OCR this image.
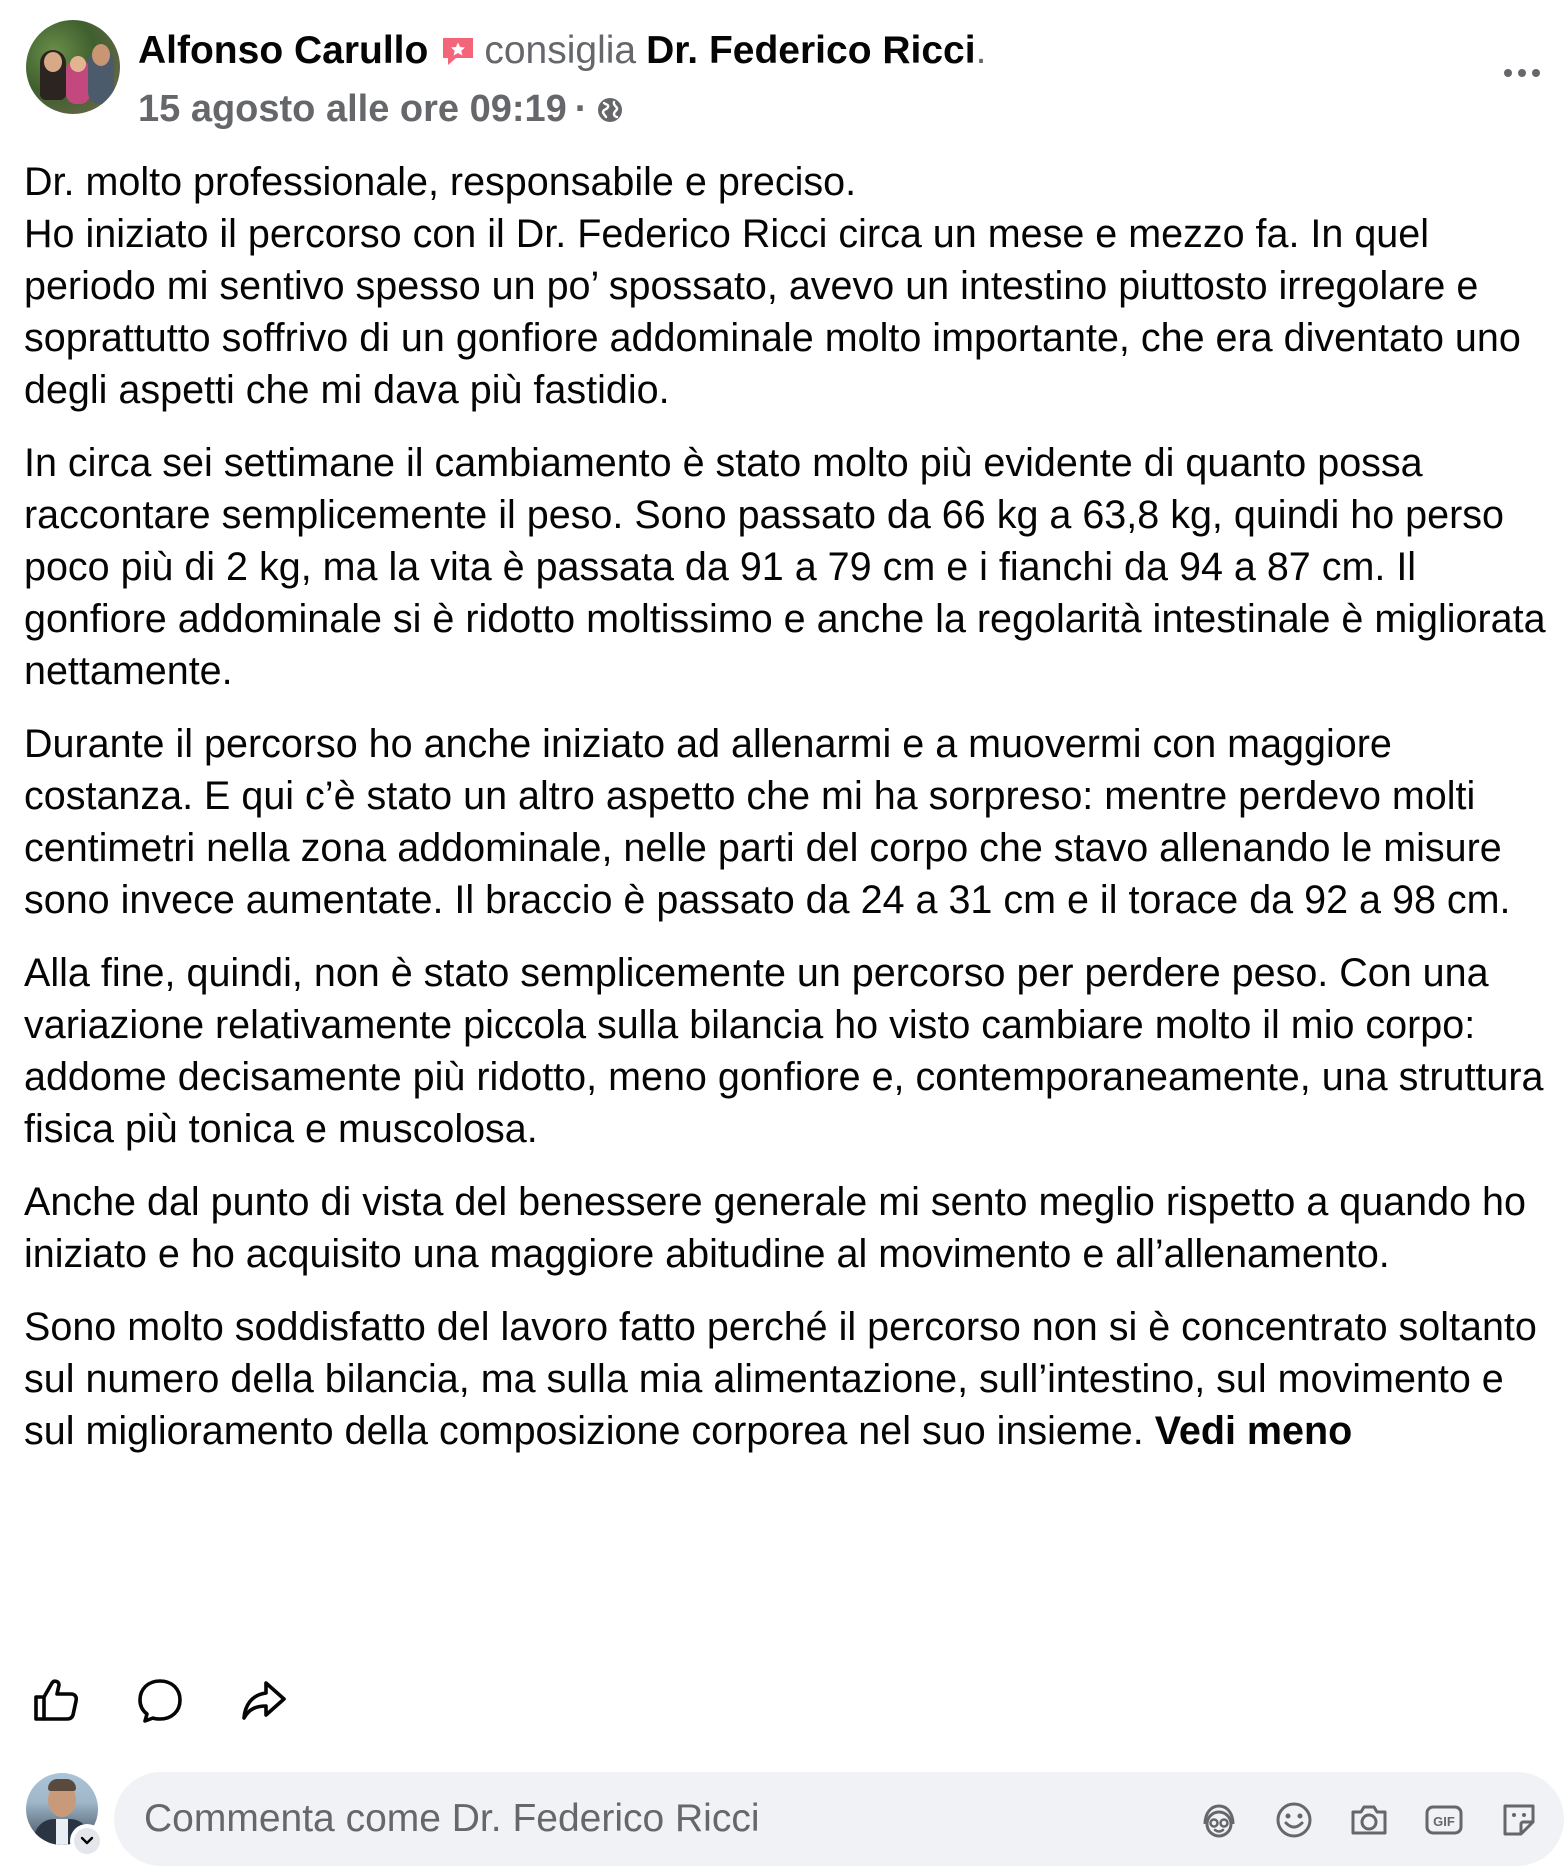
Alfonso Carullo consiglia Dr. Federico Ricci.
15 agosto alle ore 09:19 ·

Dr. molto professionale, responsabile e preciso.
Ho iniziato il percorso con il Dr. Federico Ricci circa un mese e mezzo fa. In quel periodo mi sentivo spesso un po’ spossato, avevo un intestino piuttosto irregolare e soprattutto soffrivo di un gonfiore addominale molto importante, che era diventato uno degli aspetti che mi dava più fastidio.

In circa sei settimane il cambiamento è stato molto più evidente di quanto possa raccontare semplicemente il peso. Sono passato da 66 kg a 63,8 kg, quindi ho perso poco più di 2 kg, ma la vita è passata da 91 a 79 cm e i fianchi da 94 a 87 cm. Il gonfiore addominale si è ridotto moltissimo e anche la regolarità intestinale è migliorata nettamente.

Durante il percorso ho anche iniziato ad allenarmi e a muovermi con maggiore costanza. E qui c’è stato un altro aspetto che mi ha sorpreso: mentre perdevo molti centimetri nella zona addominale, nelle parti del corpo che stavo allenando le misure sono invece aumentate. Il braccio è passato da 24 a 31 cm e il torace da 92 a 98 cm.

Alla fine, quindi, non è stato semplicemente un percorso per perdere peso. Con una variazione relativamente piccola sulla bilancia ho visto cambiare molto il mio corpo: addome decisamente più ridotto, meno gonfiore e, contemporaneamente, una struttura fisica più tonica e muscolosa.

Anche dal punto di vista del benessere generale mi sento meglio rispetto a quando ho iniziato e ho acquisito una maggiore abitudine al movimento e all’allenamento.

Sono molto soddisfatto del lavoro fatto perché il percorso non si è concentrato soltanto sul numero della bilancia, ma sulla mia alimentazione, sull’intestino, sul movimento e sul miglioramento della composizione corporea nel suo insieme. Vedi meno

Commenta come Dr. Federico Ricci	GIF
